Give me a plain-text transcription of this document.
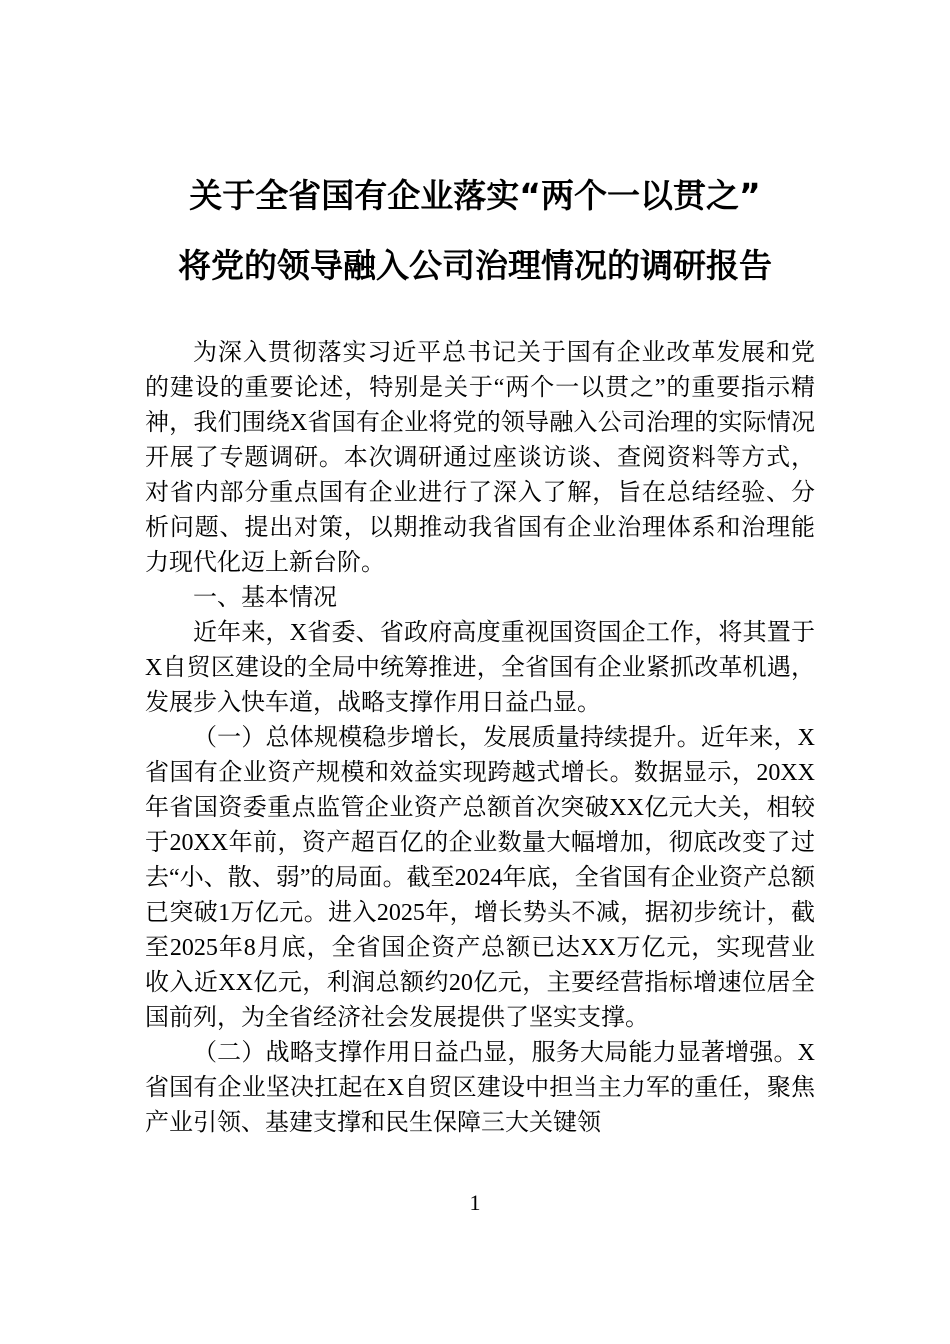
关于全省国有企业落实“两个一以贯之”
将党的领导融入公司治理情况的调研报告

为深入贯彻落实习近平总书记关于国有企业改革发展和党的建设的重要论述，特别是关于“两个一以贯之”的重要指示精神，我们围绕X省国有企业将党的领导融入公司治理的实际情况开展了专题调研。本次调研通过座谈访谈、查阅资料等方式，对省内部分重点国有企业进行了深入了解，旨在总结经验、分析问题、提出对策，以期推动我省国有企业治理体系和治理能力现代化迈上新台阶。

一、基本情况

近年来，X省委、省政府高度重视国资国企工作，将其置于X自贸区建设的全局中统筹推进，全省国有企业紧抓改革机遇，发展步入快车道，战略支撑作用日益凸显。

（一）总体规模稳步增长，发展质量持续提升。近年来，X省国有企业资产规模和效益实现跨越式增长。数据显示，20XX年省国资委重点监管企业资产总额首次突破XX亿元大关，相较于20XX年前，资产超百亿的企业数量大幅增加，彻底改变了过去“小、散、弱”的局面。截至2024年底，全省国有企业资产总额已突破1万亿元。进入2025年，增长势头不减，据初步统计，截至2025年8月底，全省国企资产总额已达XX万亿元，实现营业收入近XX亿元，利润总额约20亿元，主要经营指标增速位居全国前列，为全省经济社会发展提供了坚实支撑。

（二）战略支撑作用日益凸显，服务大局能力显著增强。X省国有企业坚决扛起在X自贸区建设中担当主力军的重任，聚焦产业引领、基建支撑和民生保障三大关键领

1
